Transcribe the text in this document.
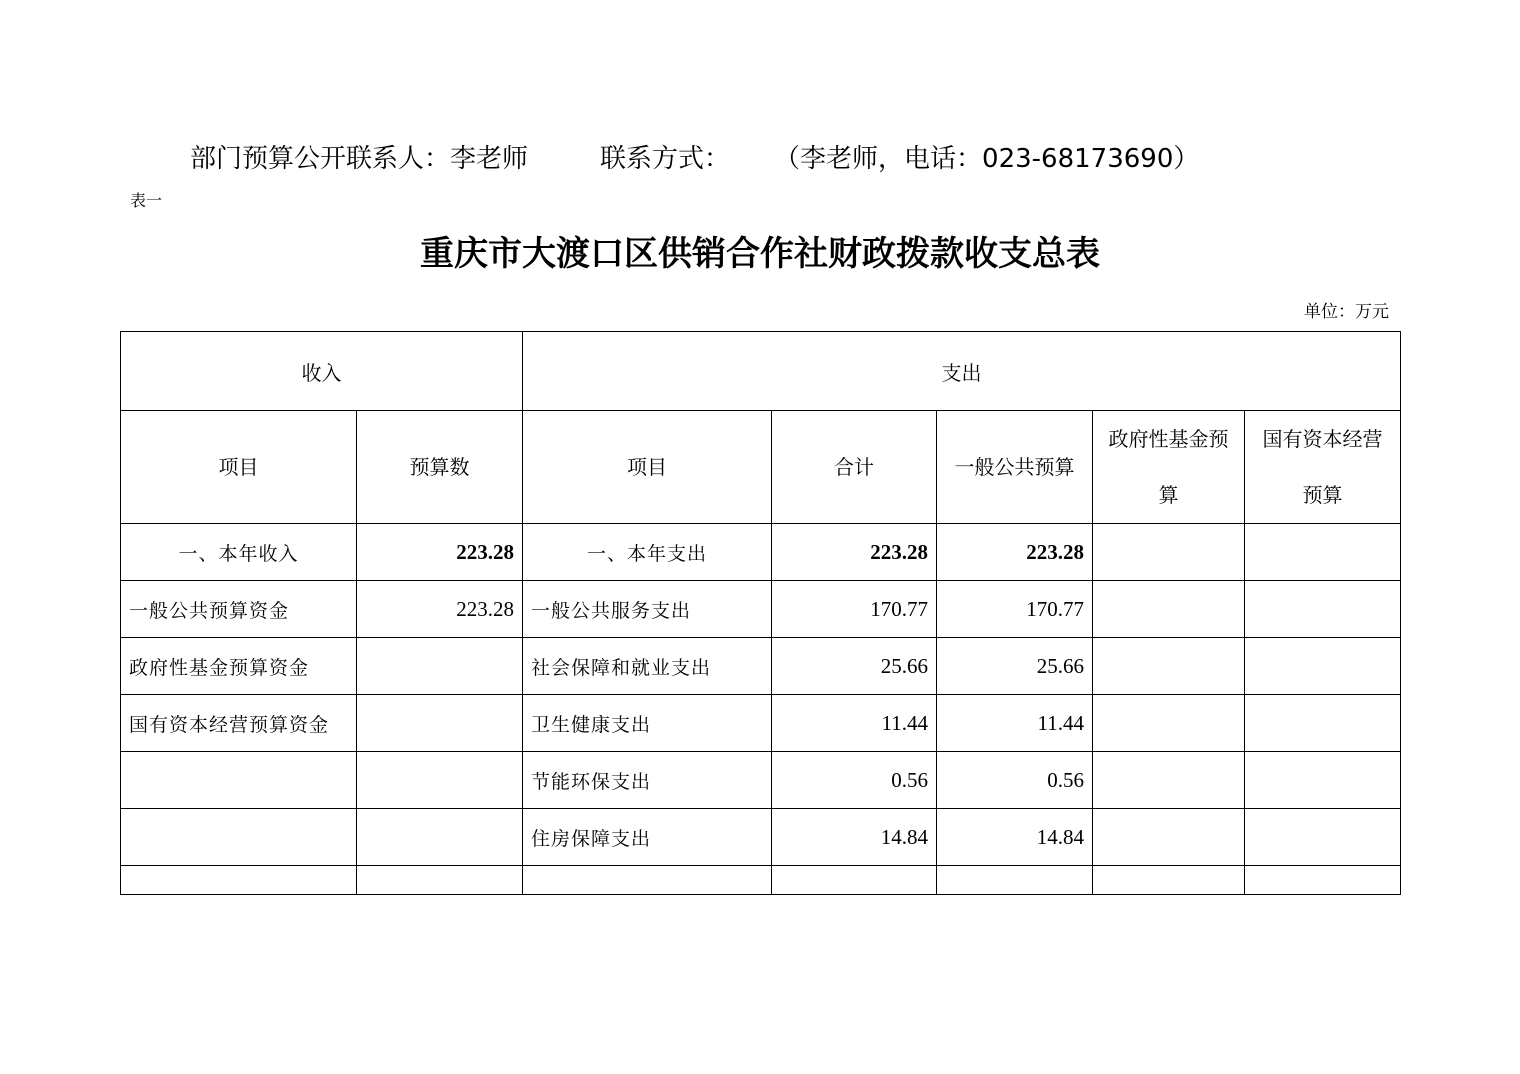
部门预算公开联系人：李老师	联系方式： （李老师，电话：023-68173690）
表一
重庆市大渡口区供销合作社财政拨款收支总表
单位：万元
收入		支出				
项目	预算数	项目	合计	一般公共预算	政府性基金预算	国有资本经营预算
一、本年收入	223.28	一、本年支出	223.28	223.28		
一般公共预算资金	223.28	一般公共服务支出	170.77	170.77		
政府性基金预算资金		社会保障和就业支出	25.66	25.66		
国有资本经营预算资金		卫生健康支出	11.44	11.44		
		节能环保支出	0.56	0.56		
		住房保障支出	14.84	14.84		
